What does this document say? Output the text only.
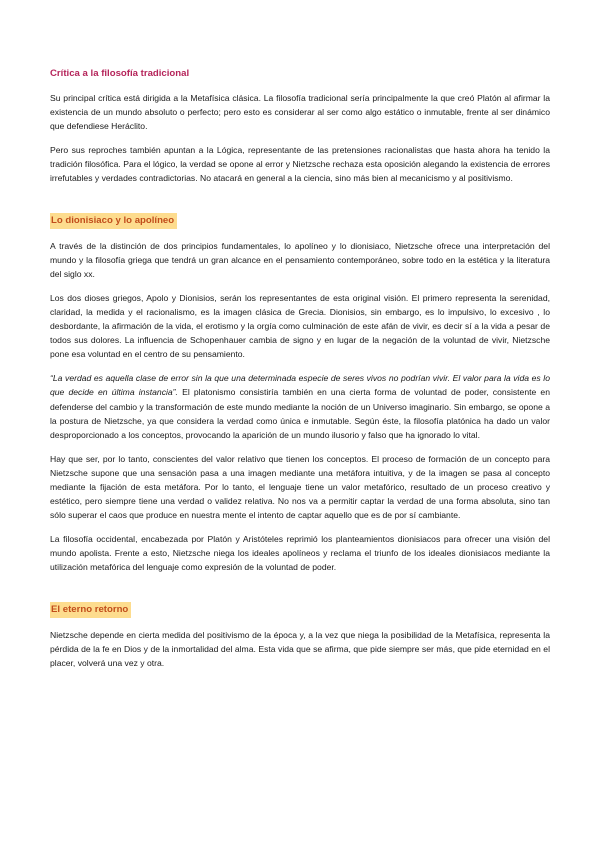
Crítica a la filosofía tradicional

Su principal crítica está dirigida a la Metafísica clásica. La filosofía tradicional sería principalmente la que creó Platón al afirmar la existencia de un mundo absoluto o perfecto; pero esto es considerar al ser como algo estático o inmutable, frente al ser dinámico que defendiese Heráclito.

Pero sus reproches también apuntan a la Lógica, representante de las pretensiones racionalistas que hasta ahora ha tenido la tradición filosófica. Para el lógico, la verdad se opone al error y Nietzsche rechaza esta oposición alegando la existencia de errores irrefutables y verdades contradictorias. No atacará en general a la ciencia, sino más bien al mecanicismo y al positivismo.

Lo dionisiaco y lo apolíneo

A través de la distinción de dos principios fundamentales, lo apolíneo y lo dionisiaco, Nietzsche ofrece una interpretación del mundo y la filosofía griega que tendrá un gran alcance en el pensamiento contemporáneo, sobre todo en la estética y la literatura del siglo xx.

Los dos dioses griegos, Apolo y Dionisios, serán los representantes de esta original visión. El primero representa la serenidad, claridad, la medida y el racionalismo, es la imagen clásica de Grecia. Dionisios, sin embargo, es lo impulsivo, lo excesivo , lo desbordante, la afirmación de la vida, el erotismo y la orgía como culminación de este afán de vivir, es decir sí a la vida a pesar de todos sus dolores. La influencia de Schopenhauer cambia de signo y en lugar de la negación de la voluntad de vivir, Nietzsche pone esa voluntad en el centro de su pensamiento.

“La verdad es aquella clase de error sin la que una determinada especie de seres vivos no podrían vivir. El valor para la vida es lo que decide en última instancia”. El platonismo consistiría también en una cierta forma de voluntad de poder, consistente en defenderse del cambio y la transformación de este mundo mediante la noción de un Universo imaginario. Sin embargo, se opone a la postura de Nietzsche, ya que considera la verdad como única e inmutable. Según éste, la filosofía platónica ha dado un valor desproporcionado a los conceptos, provocando la aparición de un mundo ilusorio y falso que ha ignorado lo vital.

Hay que ser, por lo tanto, conscientes del valor relativo que tienen los conceptos. El proceso de formación de un concepto para Nietzsche supone que una sensación pasa a una imagen mediante una metáfora intuitiva, y de la imagen se pasa al concepto mediante la fijación de esta metáfora. Por lo tanto, el lenguaje tiene un valor metafórico, resultado de un proceso creativo y estético, pero siempre tiene una verdad o validez relativa. No nos va a permitir captar la verdad de una forma absoluta, sino tan sólo superar el caos que produce en nuestra mente el intento de captar aquello que es de por sí cambiante.

La filosofía occidental, encabezada por Platón y Aristóteles reprimió los planteamientos dionisiacos para ofrecer una visión del mundo apolista. Frente a esto, Nietzsche niega los ideales apolíneos y reclama el triunfo de los ideales dionisiacos mediante la utilización metafórica del lenguaje como expresión de la voluntad de poder.

El eterno retorno

Nietzsche depende en cierta medida del positivismo de la época y, a la vez que niega la posibilidad de la Metafísica, representa la pérdida de la fe en Dios y de la inmortalidad del alma. Esta vida que se afirma, que pide siempre ser más, que pide eternidad en el placer, volverá una vez y otra.
